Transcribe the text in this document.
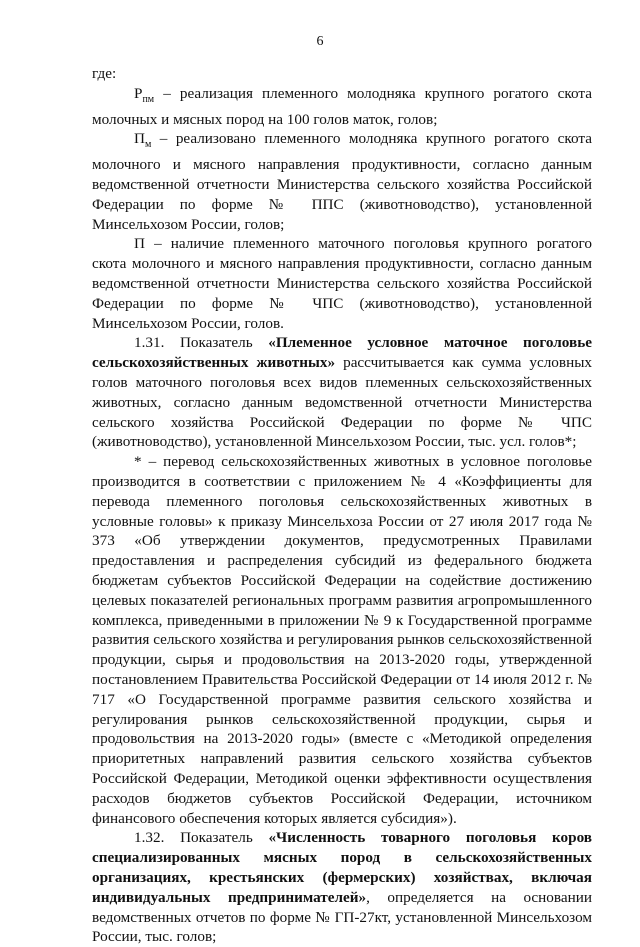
6

где:

$Р_{пм}$ – реализация племенного молодняка крупного рогатого скота молочных и мясных пород на 100 голов маток, голов;

$П_м$ – реализовано племенного молодняка крупного рогатого скота молочного и мясного направления продуктивности, согласно данным ведомственной отчетности Министерства сельского хозяйства Российской Федерации по форме № ППС (животноводство), установленной Минсельхозом России, голов;

П – наличие племенного маточного поголовья крупного рогатого скота молочного и мясного направления продуктивности, согласно данным ведомственной отчетности Министерства сельского хозяйства Российской Федерации по форме № ЧПС (животноводство), установленной Минсельхозом России, голов.

1.31. Показатель «Племенное условное маточное поголовье сельскохозяйственных животных» рассчитывается как сумма условных голов маточного поголовья всех видов племенных сельскохозяйственных животных, согласно данным ведомственной отчетности Министерства сельского хозяйства Российской Федерации по форме № ЧПС (животноводство), установленной Минсельхозом России, тыс. усл. голов*;

* – перевод сельскохозяйственных животных в условное поголовье производится в соответствии с приложением № 4 «Коэффициенты для перевода племенного поголовья сельскохозяйственных животных в условные головы» к приказу Минсельхоза России от 27 июля 2017 года № 373 «Об утверждении документов, предусмотренных Правилами предоставления и распределения субсидий из федерального бюджета бюджетам субъектов Российской Федерации на содействие достижению целевых показателей региональных программ развития агропромышленного комплекса, приведенными в приложении № 9 к Государственной программе развития сельского хозяйства и регулирования рынков сельскохозяйственной продукции, сырья и продовольствия на 2013-2020 годы, утвержденной постановлением Правительства Российской Федерации от 14 июля 2012 г. № 717 «О Государственной программе развития сельского хозяйства и регулирования рынков сельскохозяйственной продукции, сырья и продовольствия на 2013-2020 годы» (вместе с «Методикой определения приоритетных направлений развития сельского хозяйства субъектов Российской Федерации, Методикой оценки эффективности осуществления расходов бюджетов субъектов Российской Федерации, источником финансового обеспечения которых является субсидия»).

1.32. Показатель «Численность товарного поголовья коров специализированных мясных пород в сельскохозяйственных организациях, крестьянских (фермерских) хозяйствах, включая индивидуальных предпринимателей», определяется на основании ведомственных отчетов по форме № ГП-27кт, установленной Минсельхозом России, тыс. голов;
